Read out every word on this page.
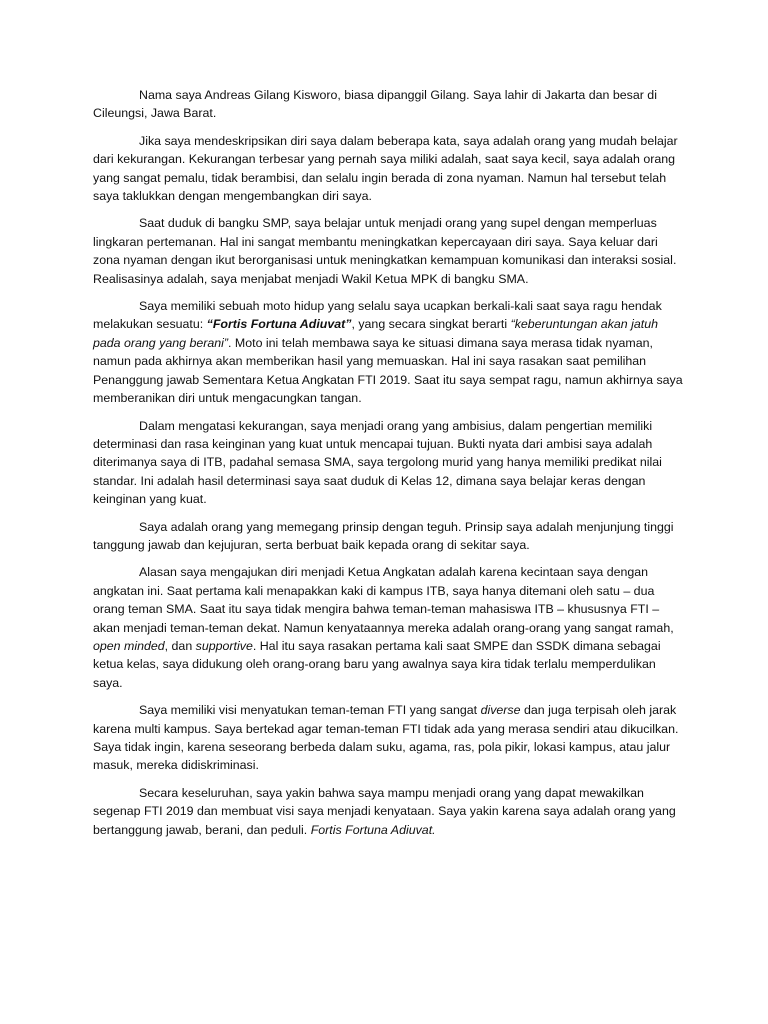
Nama saya Andreas Gilang Kisworo, biasa dipanggil Gilang. Saya lahir di Jakarta dan besar di Cileungsi, Jawa Barat.

Jika saya mendeskripsikan diri saya dalam beberapa kata, saya adalah orang yang mudah belajar dari kekurangan. Kekurangan terbesar yang pernah saya miliki adalah, saat saya kecil, saya adalah orang yang sangat pemalu, tidak berambisi, dan selalu ingin berada di zona nyaman. Namun hal tersebut telah saya taklukkan dengan mengembangkan diri saya.

Saat duduk di bangku SMP, saya belajar untuk menjadi orang yang supel dengan memperluas lingkaran pertemanan. Hal ini sangat membantu meningkatkan kepercayaan diri saya. Saya keluar dari zona nyaman dengan ikut berorganisasi untuk meningkatkan kemampuan komunikasi dan interaksi sosial. Realisasinya adalah, saya menjabat menjadi Wakil Ketua MPK di bangku SMA.

Saya memiliki sebuah moto hidup yang selalu saya ucapkan berkali-kali saat saya ragu hendak melakukan sesuatu: “Fortis Fortuna Adiuvat”, yang secara singkat berarti “keberuntungan akan jatuh pada orang yang berani”. Moto ini telah membawa saya ke situasi dimana saya merasa tidak nyaman, namun pada akhirnya akan memberikan hasil yang memuaskan. Hal ini saya rasakan saat pemilihan Penanggung jawab Sementara Ketua Angkatan FTI 2019. Saat itu saya sempat ragu, namun akhirnya saya memberanikan diri untuk mengacungkan tangan.

Dalam mengatasi kekurangan, saya menjadi orang yang ambisius, dalam pengertian memiliki determinasi dan rasa keinginan yang kuat untuk mencapai tujuan. Bukti nyata dari ambisi saya adalah diterimanya saya di ITB, padahal semasa SMA, saya tergolong murid yang hanya memiliki predikat nilai standar. Ini adalah hasil determinasi saya saat duduk di Kelas 12, dimana saya belajar keras dengan keinginan yang kuat.

Saya adalah orang yang memegang prinsip dengan teguh. Prinsip saya adalah menjunjung tinggi tanggung jawab dan kejujuran, serta berbuat baik kepada orang di sekitar saya.

Alasan saya mengajukan diri menjadi Ketua Angkatan adalah karena kecintaan saya dengan angkatan ini. Saat pertama kali menapakkan kaki di kampus ITB, saya hanya ditemani oleh satu – dua orang teman SMA. Saat itu saya tidak mengira bahwa teman-teman mahasiswa ITB – khususnya FTI – akan menjadi teman-teman dekat. Namun kenyataannya mereka adalah orang-orang yang sangat ramah, open minded, dan supportive. Hal itu saya rasakan pertama kali saat SMPE dan SSDK dimana sebagai ketua kelas, saya didukung oleh orang-orang baru yang awalnya saya kira tidak terlalu memperdulikan saya.

Saya memiliki visi menyatukan teman-teman FTI yang sangat diverse dan juga terpisah oleh jarak karena multi kampus. Saya bertekad agar teman-teman FTI tidak ada yang merasa sendiri atau dikucilkan. Saya tidak ingin, karena seseorang berbeda dalam suku, agama, ras, pola pikir, lokasi kampus, atau jalur masuk, mereka didiskriminasi.

Secara keseluruhan, saya yakin bahwa saya mampu menjadi orang yang dapat mewakilkan segenap FTI 2019 dan membuat visi saya menjadi kenyataan. Saya yakin karena saya adalah orang yang bertanggung jawab, berani, dan peduli. Fortis Fortuna Adiuvat.
